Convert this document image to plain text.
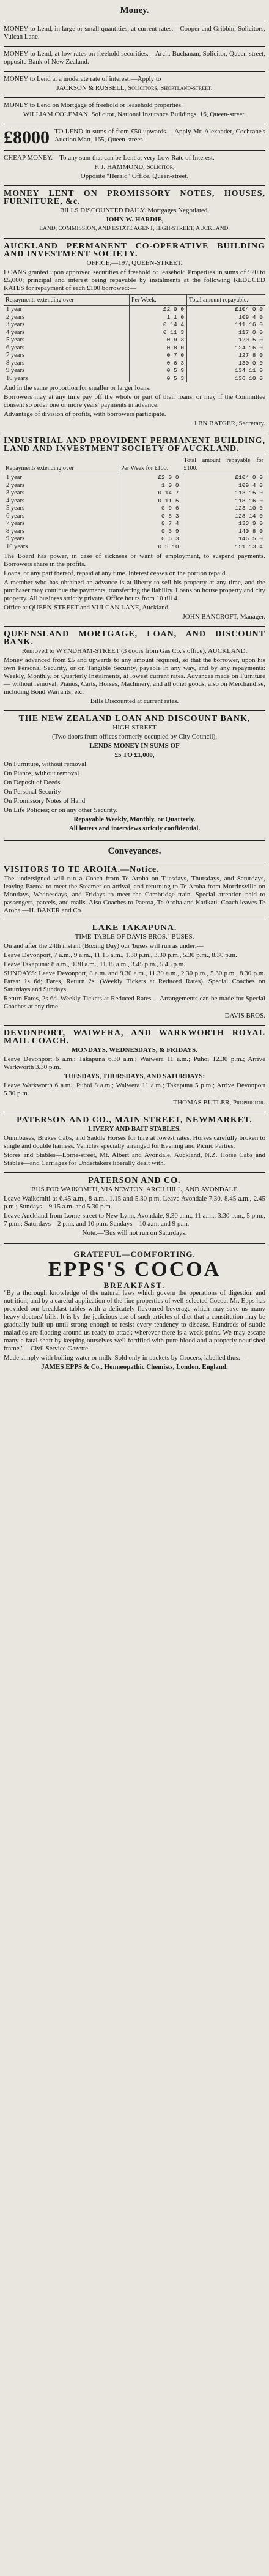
Money.

MONEY to Lend, in large or small quantities, at current rates.—Cooper and Gribbin, Solicitors, Vulcan Lane.

MONEY to Lend, at low rates on freehold securities.—Arch. Buchanan, Solicitor, Queen-street, opposite Bank of New Zealand.

MONEY to Lend at a moderate rate of interest.—Apply to

JACKSON & RUSSELL, Solicitors, Shortland-street.

MONEY to Lend on Mortgage of freehold or leasehold properties.

WILLIAM COLEMAN, Solicitor, National Insurance Buildings, 16, Queen-street.

£8000 TO LEND in sums of from £50 upwards.—Apply Mr. Alexander, Cochrane's Auction Mart, 165, Queen-street.

CHEAP MONEY.—To any sum that can be Lent at very Low Rate of Interest.

F. J. HAMMOND, Solicitor,

Opposite "Herald" Office, Queen-street.

MONEY LENT ON PROMISSORY NOTES, HOUSES, FURNITURE, &c.

BILLS DISCOUNTED DAILY. Mortgages Negotiated.

JOHN W. HARDIE,

LAND, COMMISSION, AND ESTATE AGENT, HIGH-STREET, AUCKLAND.

AUCKLAND PERMANENT CO-OPERATIVE BUILDING AND INVESTMENT SOCIETY.

OFFICE,—197, QUEEN-STREET.

LOANS granted upon approved securities of freehold or leasehold Properties in sums of £20 to £5,000; principal and interest being repayable by instalments at the following REDUCED RATES for repayment of each £100 borrowed:—

Repayments extending over	Per Week.	Total amount repayable.
1 year	£2 0 0	£104 0 0
2 years	1 1 0	109 4 0
3 years	0 14 4	111 16 0
4 years	0 11 3	117 0 0
5 years	0 9 3	120 5 0
6 years	0 8 0	124 16 0
7 years	0 7 0	127 8 0
8 years	0 6 3	130 0 0
9 years	0 5 9	134 11 0
10 years	0 5 3	136 10 0

And in the same proportion for smaller or larger loans.

Borrowers may at any time pay off the whole or part of their loans, or may if the Committee consent so order one or more years' payments in advance.

Advantage of division of profits, with borrowers participate.

J BN BATGER, Secretary.

INDUSTRIAL AND PROVIDENT PERMANENT BUILDING, LAND AND INVESTMENT SOCIETY OF AUCKLAND.

Repayments extending over	Per Week for £100.	Total amount repayable for £100.
1 year	£2 0 0	£104 0 0
2 years	1 0 0	109 4 0
3 years	0 14 7	113 15 0
4 years	0 11 5	118 16 0
5 years	0 9 6	123 10 0
6 years	0 8 3	128 14 0
7 years	0 7 4	133 9 0
8 years	0 6 9	140 8 0
9 years	0 6 3	146 5 0
10 years	0 5 10	151 13 4

The Board has power, in case of sickness or want of employment, to suspend payments. Borrowers share in the profits.

Loans, or any part thereof, repaid at any time. Interest ceases on the portion repaid.

A member who has obtained an advance is at liberty to sell his property at any time, and the purchaser may continue the payments, transferring the liability. Loans on house property and city property. All business strictly private. Office hours from 10 till 4.

Office at QUEEN-STREET and VULCAN LANE, Auckland.

JOHN BANCROFT, Manager.

QUEENSLAND MORTGAGE, LOAN, AND DISCOUNT BANK.

Removed to WYNDHAM-STREET (3 doors from Gas Co.'s office), AUCKLAND.

Money advanced from £5 and upwards to any amount required, so that the borrower, upon his own Personal Security, or on Tangible Security, payable in any way, and by any repayments: Weekly, Monthly, or Quarterly Instalments, at lowest current rates. Advances made on Furniture — without removal, Pianos, Carts, Horses, Machinery, and all other goods; also on Merchandise, including Bond Warrants, etc.

Bills Discounted at current rates.

THE NEW ZEALAND LOAN AND DISCOUNT BANK,

HIGH-STREET

(Two doors from offices formerly occupied by City Council),

LENDS MONEY IN SUMS OF

£5 TO £1,000,

On Furniture, without removal

On Pianos, without removal

On Deposit of Deeds

On Personal Security

On Promissory Notes of Hand

On Life Policies; or on any other Security.

Repayable Weekly, Monthly, or Quarterly.

All letters and interviews strictly confidential.

Conveyances.

VISITORS TO TE AROHA.—Notice.

The undersigned will run a Coach from Te Aroha on Tuesdays, Thursdays, and Saturdays, leaving Paeroa to meet the Steamer on arrival, and returning to Te Aroha from Morrinsville on Mondays, Wednesdays, and Fridays to meet the Cambridge train. Special attention paid to passengers, parcels, and mails. Also Coaches to Paeroa, Te Aroha and Katikati. Coach leaves Te Aroha.—H. BAKER and Co.

LAKE TAKAPUNA.

TIME-TABLE OF DAVIS BROS.' 'BUSES.

On and after the 24th instant (Boxing Day) our 'buses will run as under:—

Leave Devonport, 7 a.m., 9 a.m., 11.15 a.m., 1.30 p.m., 3.30 p.m., 5.30 p.m., 8.30 p.m.

Leave Takapuna: 8 a.m., 9.30 a.m., 11.15 a.m., 3.45 p.m., 5.45 p.m.

SUNDAYS: Leave Devonport, 8 a.m. and 9.30 a.m., 11.30 a.m., 2.30 p.m., 5.30 p.m., 8.30 p.m. Fares: 1s 6d; Fares, Return 2s. (Weekly Tickets at Reduced Rates). Special Coaches on Saturdays and Sundays.

Return Fares, 2s 6d. Weekly Tickets at Reduced Rates.—Arrangements can be made for Special Coaches at any time.

DAVIS BROS.

DEVONPORT, WAIWERA, AND WARKWORTH ROYAL MAIL COACH.

MONDAYS, WEDNESDAYS, & FRIDAYS.

Leave Devonport 6 a.m.: Takapuna 6.30 a.m.; Waiwera 11 a.m.; Puhoi 12.30 p.m.; Arrive Warkworth 3.30 p.m.

TUESDAYS, THURSDAYS, AND SATURDAYS:

Leave Warkworth 6 a.m.; Puhoi 8 a.m.; Waiwera 11 a.m.; Takapuna 5 p.m.; Arrive Devonport 5.30 p.m.

THOMAS BUTLER, Proprietor.

PATERSON AND CO., MAIN STREET, NEWMARKET.

LIVERY AND BAIT STABLES.

Omnibuses, Brakes Cabs, and Saddle Horses for hire at lowest rates. Horses carefully broken to single and double harness. Vehicles specially arranged for Evening and Picnic Parties.

Stores and Stables—Lorne-street, Mt. Albert and Avondale, Auckland, N.Z. Horse Cabs and Stables—and Carriages for Undertakers liberally dealt with.

PATERSON AND CO.

'BUS FOR WAIKOMITI, VIA NEWTON, ARCH HILL, AND AVONDALE.

Leave Waikomiti at 6.45 a.m., 8 a.m., 1.15 and 5.30 p.m. Leave Avondale 7.30, 8.45 a.m., 2.45 p.m.; Sundays—9.15 a.m. and 5.30 p.m.

Leave Auckland from Lorne-street to New Lynn, Avondale, 9.30 a.m., 11 a.m., 3.30 p.m., 5 p.m., 7 p.m.; Saturdays—2 p.m. and 10 p.m. Sundays—10 a.m. and 9 p.m.

Note.—'Bus will not run on Saturdays.

GRATEFUL—COMFORTING.
EPPS'S COCOA
BREAKFAST.

"By a thorough knowledge of the natural laws which govern the operations of digestion and nutrition, and by a careful application of the fine properties of well-selected Cocoa, Mr. Epps has provided our breakfast tables with a delicately flavoured beverage which may save us many heavy doctors' bills. It is by the judicious use of such articles of diet that a constitution may be gradually built up until strong enough to resist every tendency to disease. Hundreds of subtle maladies are floating around us ready to attack wherever there is a weak point. We may escape many a fatal shaft by keeping ourselves well fortified with pure blood and a properly nourished frame."—Civil Service Gazette.

Made simply with boiling water or milk. Sold only in packets by Grocers, labelled thus:—

JAMES EPPS & Co., Homœopathic Chemists, London, England.
